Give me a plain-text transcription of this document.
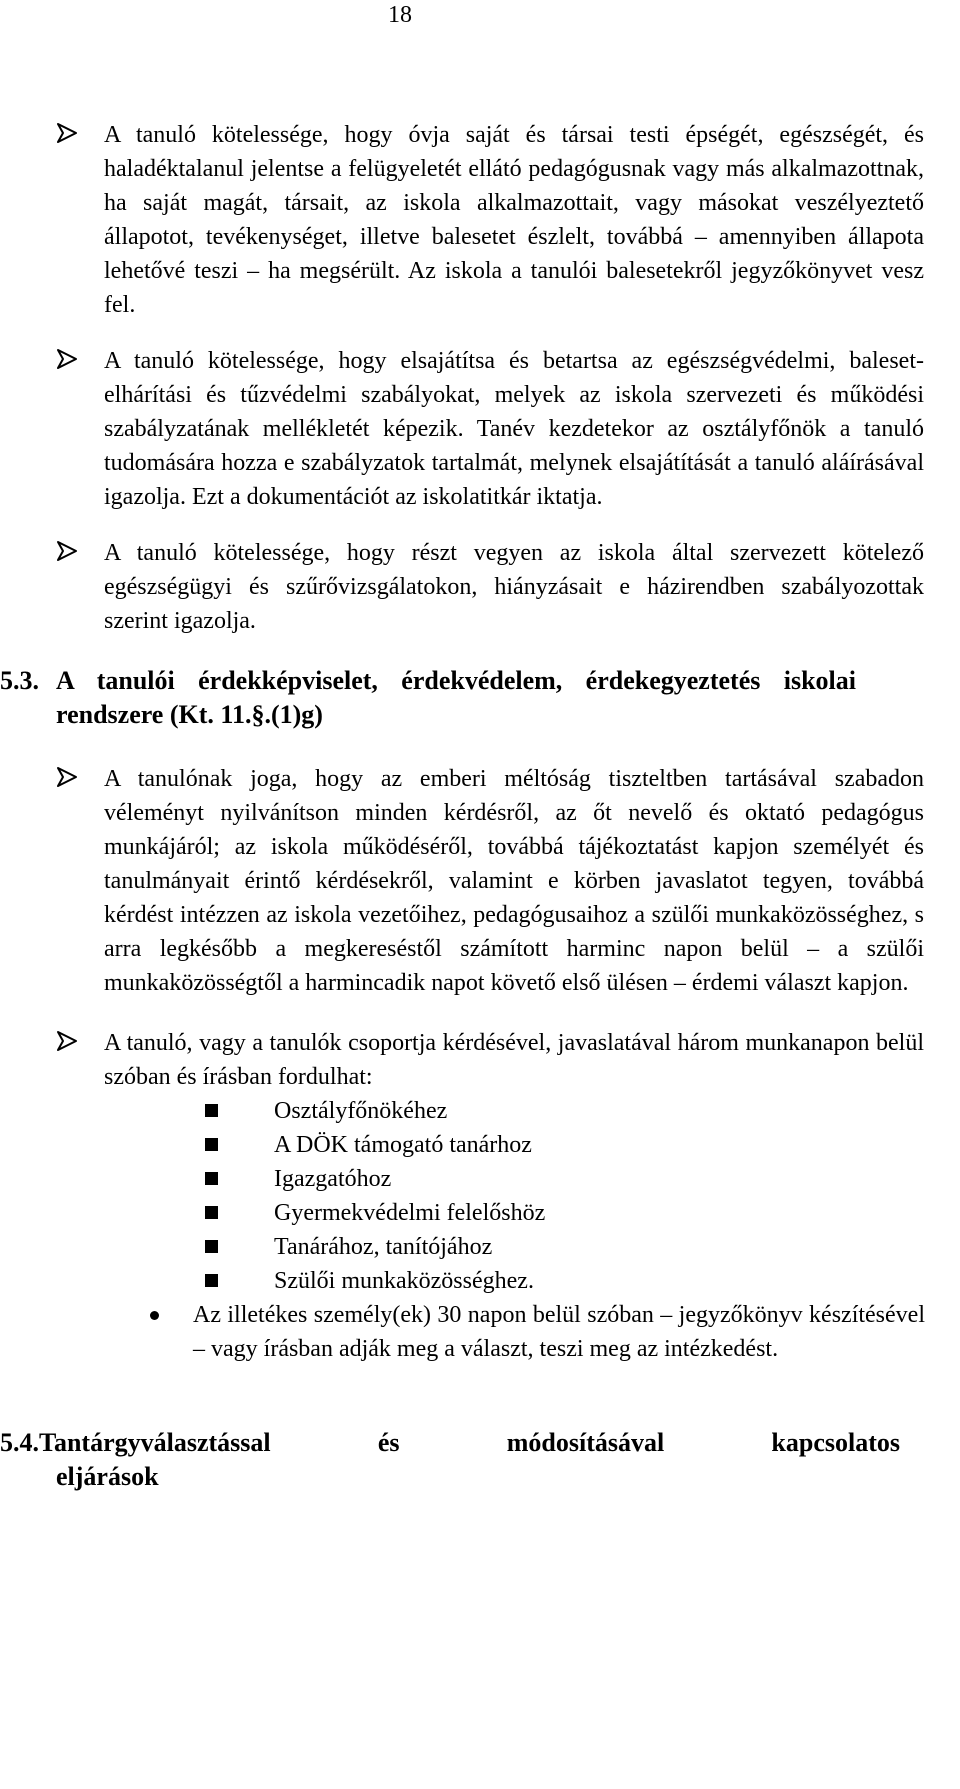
18

A tanuló kötelessége, hogy óvja saját és társai testi épségét, egészségét, és haladéktalanul jelentse a felügyeletét ellátó pedagógusnak vagy más alkalmazottnak, ha saját magát, társait, az iskola alkalmazottait, vagy másokat veszélyeztető állapotot, tevékenységet, illetve balesetet észlelt, továbbá – amennyiben állapota lehetővé teszi – ha megsérült. Az iskola a tanulói balesetekről jegyzőkönyvet vesz fel.

A tanuló kötelessége, hogy elsajátítsa és betartsa az egészségvédelmi, baleset-elhárítási és tűzvédelmi szabályokat, melyek az iskola szervezeti és működési szabályzatának mellékletét képezik. Tanév kezdetekor az osztályfőnök a tanuló tudomására hozza e szabályzatok tartalmát, melynek elsajátítását a tanuló aláírásával igazolja. Ezt a dokumentációt az iskolatitkár iktatja.

A tanuló kötelessége, hogy részt vegyen az iskola által szervezett kötelező egészségügyi és szűrővizsgálatokon, hiányzásait e házirendben szabályozottak szerint igazolja.

5.3. A tanulói érdekképviselet, érdekvédelem, érdekegyeztetés iskolai rendszere (Kt. 11.§.(1)g)

A tanulónak joga, hogy az emberi méltóság tiszteltben tartásával szabadon véleményt nyilvánítson minden kérdésről, az őt nevelő és oktató pedagógus munkájáról; az iskola működéséről, továbbá tájékoztatást kapjon személyét és tanulmányait érintő kérdésekről, valamint e körben javaslatot tegyen, továbbá kérdést intézzen az iskola vezetőihez, pedagógusaihoz a szülői munkaközösséghez, s arra legkésőbb a megkereséstől számított harminc napon belül – a szülői munkaközösségtől a harmincadik napot követő első ülésen – érdemi választ kapjon.

A tanuló, vagy a tanulók csoportja kérdésével, javaslatával három munkanapon belül szóban és írásban fordulhat:

Osztályfőnökéhez
A DÖK támogató tanárhoz
Igazgatóhoz
Gyermekvédelmi felelőshöz
Tanárához, tanítójához
Szülői munkaközösséghez.

Az illetékes személy(ek) 30 napon belül szóban – jegyzőkönyv készítésével – vagy írásban adják meg a választ, teszi meg az intézkedést.

5.4.Tantárgyválasztással	és	módosításával	kapcsolatos
eljárások
